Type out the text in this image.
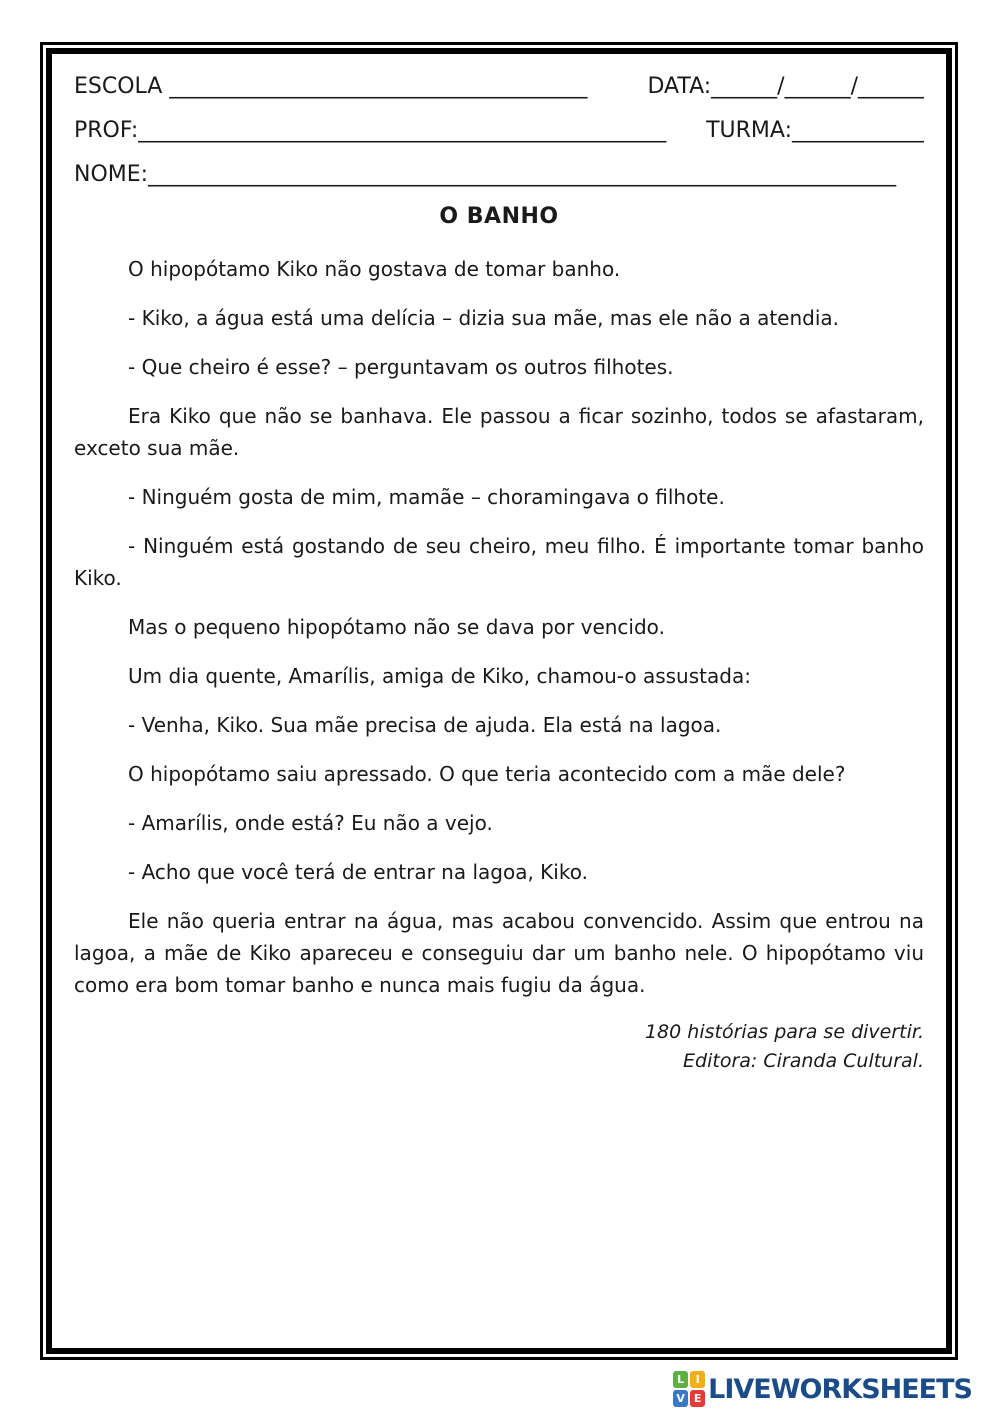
ESCOLA ______________________________________	DATA:______/______/______
PROF:________________________________________________ TURMA:____________
NOME:____________________________________________________________________
O BANHO

O hipopótamo Kiko não gostava de tomar banho.

- Kiko, a água está uma delícia – dizia sua mãe, mas ele não a atendia.

- Que cheiro é esse? – perguntavam os outros filhotes.

Era Kiko que não se banhava. Ele passou a ficar sozinho, todos se afastaram, exceto sua mãe.

- Ninguém gosta de mim, mamãe – choramingava o filhote.

- Ninguém está gostando de seu cheiro, meu filho. É importante tomar banho Kiko.

Mas o pequeno hipopótamo não se dava por vencido.

Um dia quente, Amarílis, amiga de Kiko, chamou-o assustada:

- Venha, Kiko. Sua mãe precisa de ajuda. Ela está na lagoa.

O hipopótamo saiu apressado. O que teria acontecido com a mãe dele?

- Amarílis, onde está? Eu não a vejo.

- Acho que você terá de entrar na lagoa, Kiko.

Ele não queria entrar na água, mas acabou convencido. Assim que entrou na lagoa, a mãe de Kiko apareceu e conseguiu dar um banho nele. O hipopótamo viu como era bom tomar banho e nunca mais fugiu da água.

180 histórias para se divertir.
Editora: Ciranda Cultural.
L	I
V E LIVEWORKSHEETS
